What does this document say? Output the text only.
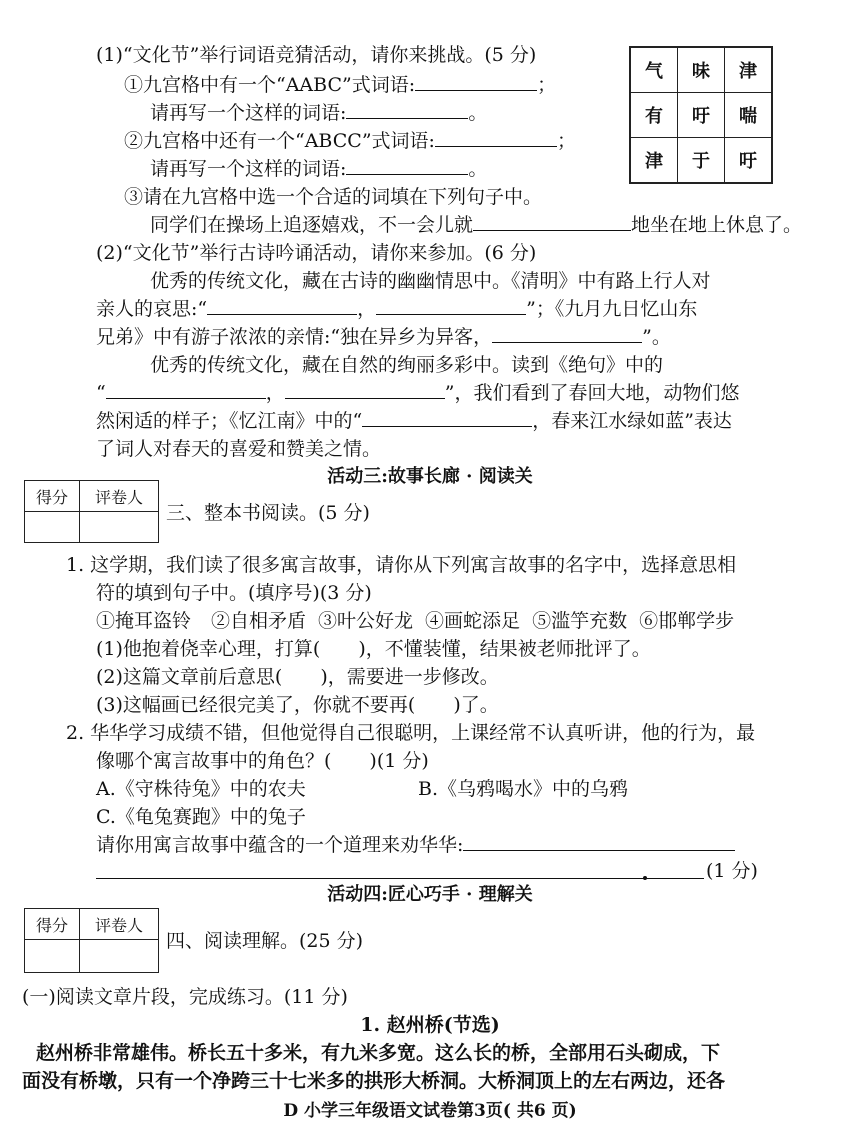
(1)“文化节”举行词语竞猜活动，请你来挑战。(5 分)
①九宫格中有一个“AABC”式词语:	；
请再写一个这样的词语:	。
②九宫格中还有一个“ABCC”式词语:	；
请再写一个这样的词语:	。
③请在九宫格中选一个合适的词填在下列句子中。
同学们在操场上追逐嬉戏，不一会儿就	地坐在地上休息了。
气	味	津
有	吁	喘
津	于	吁
(2)“文化节”举行古诗吟诵活动，请你来参加。(6 分)
优秀的传统文化，藏在古诗的幽幽情思中。《清明》中有路上行人对
亲人的哀思:“	，	”；《九月九日忆山东
兄弟》中有游子浓浓的亲情:“独在异乡为异客，	”。
优秀的传统文化，藏在自然的绚丽多彩中。读到《绝句》中的
“	，	”，我们看到了春回大地，动物们悠
然闲适的样子；《忆江南》中的“	，春来江水绿如蓝”表达
了词人对春天的喜爱和赞美之情。
活动三:故事长廊 · 阅读关
得分	评卷人

三、整本书阅读。(5 分)
1. 这学期，我们读了很多寓言故事，请你从下列寓言故事的名字中，选择意思相
符的填到句子中。(填序号)(3 分)
①掩耳盗铃 ②自相矛盾 ③叶公好龙 ④画蛇添足 ⑤滥竽充数 ⑥邯郸学步
(1)他抱着侥幸心理，打算(　　)，不懂装懂，结果被老师批评了。
(2)这篇文章前后意思(　　)，需要进一步修改。
(3)这幅画已经很完美了，你就不要再(　　)了。
2. 华华学习成绩不错，但他觉得自己很聪明，上课经常不认真听讲，他的行为，最
像哪个寓言故事中的角色？(　　)(1 分)
A.《守株待兔》中的农夫	B.《乌鸦喝水》中的乌鸦
C.《龟兔赛跑》中的兔子
请你用寓言故事中蕴含的一个道理来劝华华:
(1 分)
活动四:匠心巧手 · 理解关
得分	评卷人

四、阅读理解。(25 分)
(一)阅读文章片段，完成练习。(11 分)
1. 赵州桥(节选)
赵州桥非常雄伟。桥长五十多米，有九米多宽。这么长的桥，全部用石头砌成，下
面没有桥墩，只有一个净跨三十七米多的拱形大桥洞。大桥洞顶上的左右两边，还各
D 小学三年级语文试卷第3页( 共6 页)
